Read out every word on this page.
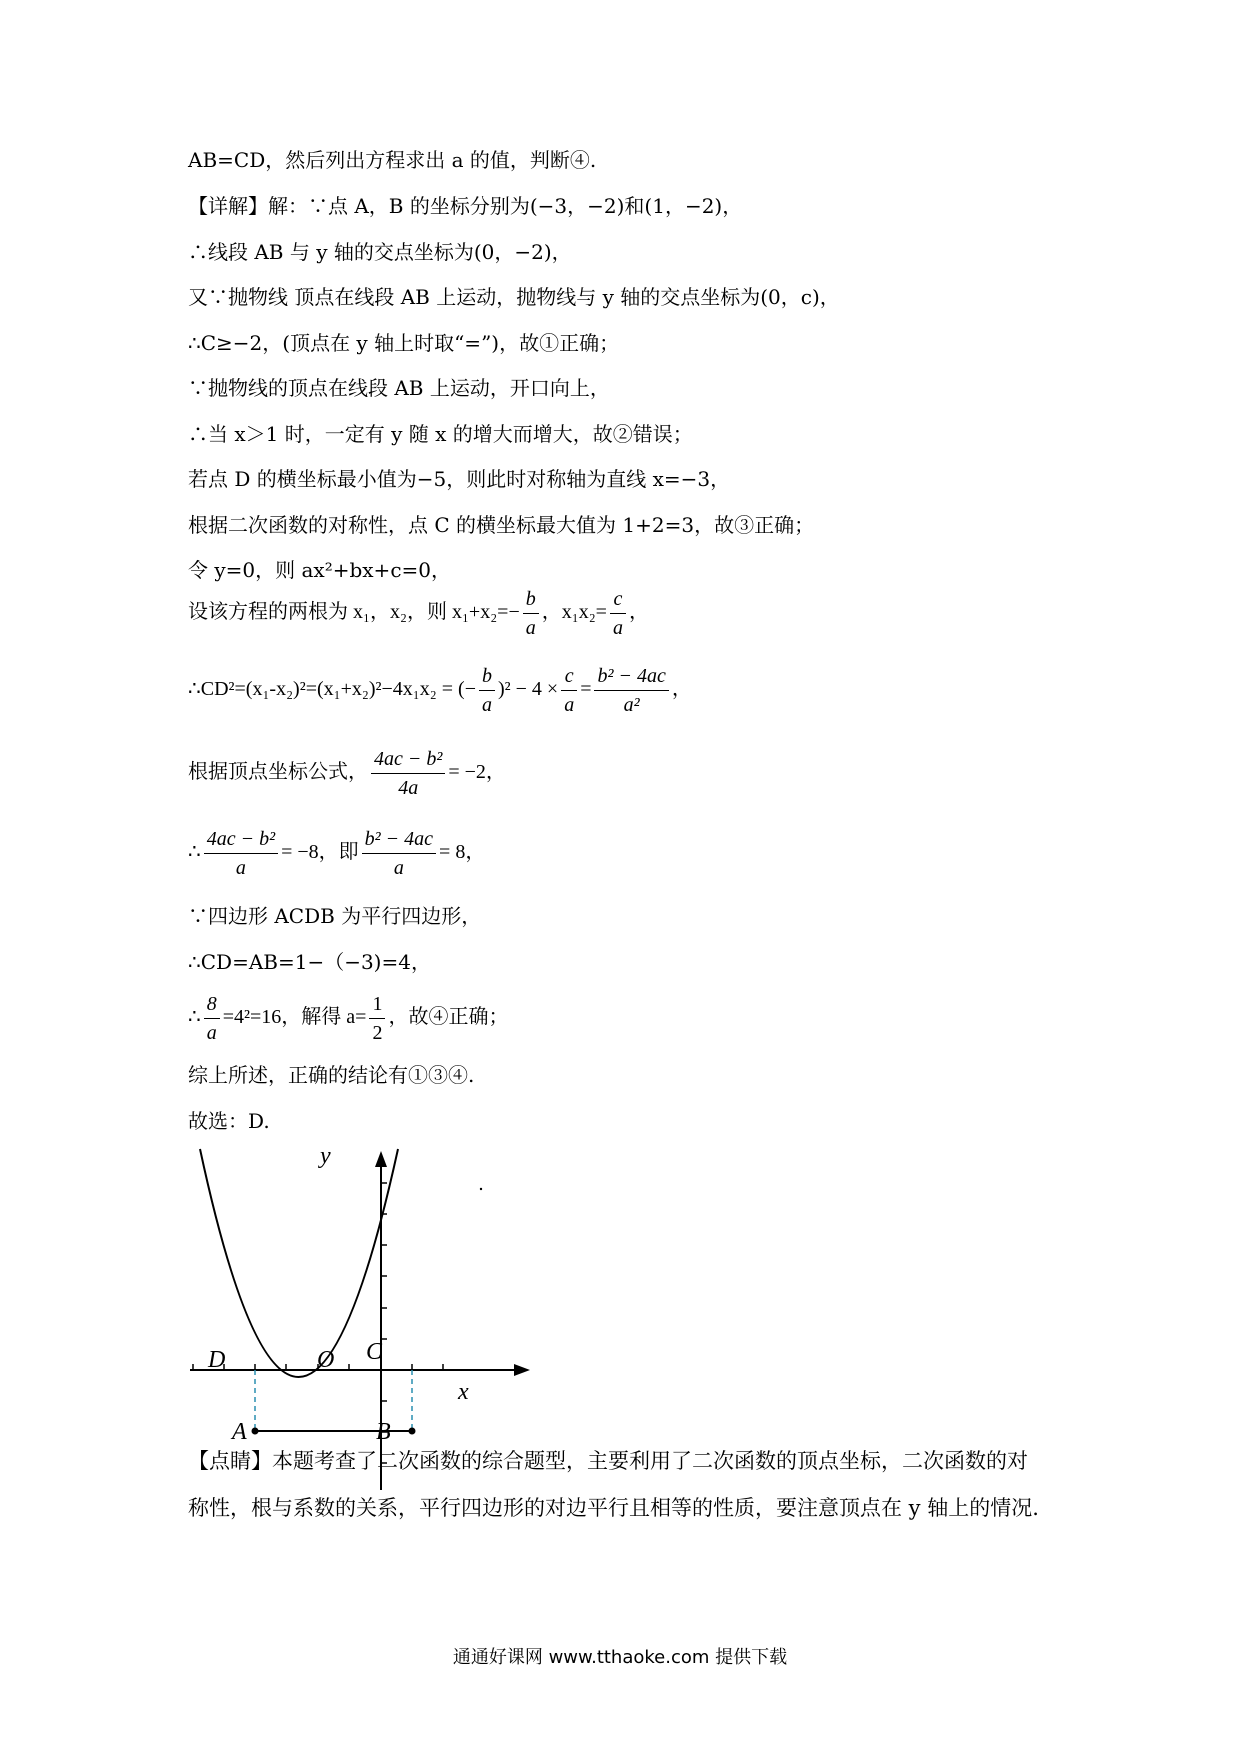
AB=CD，然后列出方程求出 a 的值，判断④.
【详解】解：∵点 A，B 的坐标分别为(−3，−2)和(1，−2)，
∴线段 AB 与 y 轴的交点坐标为(0，−2)，
又∵抛物线 顶点在线段 AB 上运动，抛物线与 y 轴的交点坐标为(0，c)，
∴C≥−2，(顶点在 y 轴上时取“=”)，故①正确；
∵抛物线的顶点在线段 AB 上运动，开口向上，
∴当 x＞1 时，一定有 y 随 x 的增大而增大，故②错误；
若点 D 的横坐标最小值为−5，则此时对称轴为直线 x=−3，
根据二次函数的对称性，点 C 的横坐标最大值为 1+2=3，故③正确；
令 y=0，则 ax²+bx+c=0，
设该方程的两根为 x₁，x₂，则 $x_1+x_2=- \frac{b}{a}$ ，$x_1x_2= \frac{c}{a}$ ，
∴CD²=(x₁-x₂)²=(x₁+x₂)²−4x₁x₂ = (− $\frac{b}{a} )^2 - 4 \times \frac{c}{a} = \frac{\text{b² − 4ac}}{\text{a²}}$ ，
根据顶点坐标公式， $\frac{\text{4ac − b²}}{4a} = -2$，
∴ $\frac{\text{4ac − b²}}{a} = -8$，即 $\frac{\text{b² − 4ac}}{a} = 8$，
∵四边形 ACDB 为平行四边形，
∴CD=AB=1−（−3)=4，
∴ $\frac{8}{a} =4^2=16$，解得 $a= \frac{1}{2}$ ，故④正确；
综上所述，正确的结论有①③④.
故选：D.
y
x
O
D	C
A	B
【点睛】本题考查了二次函数的综合题型，主要利用了二次函数的顶点坐标，二次函数的对
称性，根与系数的关系，平行四边形的对边平行且相等的性质，要注意顶点在 y 轴上的情况.
通通好课网 www.tthaoke.com 提供下载
